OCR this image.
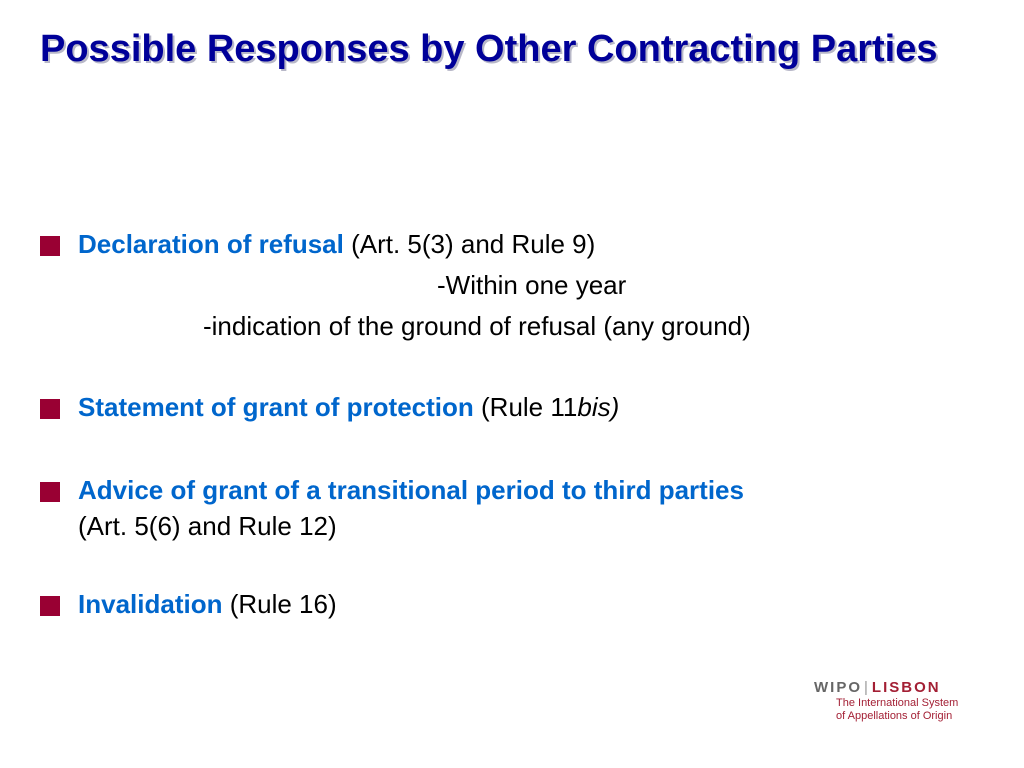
Possible Responses by Other Contracting Parties
Declaration of refusal (Art. 5(3) and Rule 9)
-Within one year
-indication of the ground of refusal (any ground)
Statement of grant of protection (Rule 11bis)
Advice of grant of a transitional period to third parties
(Art. 5(6) and Rule 12)
Invalidation (Rule 16)
WIPO | LISBON
The International System
of Appellations of Origin
